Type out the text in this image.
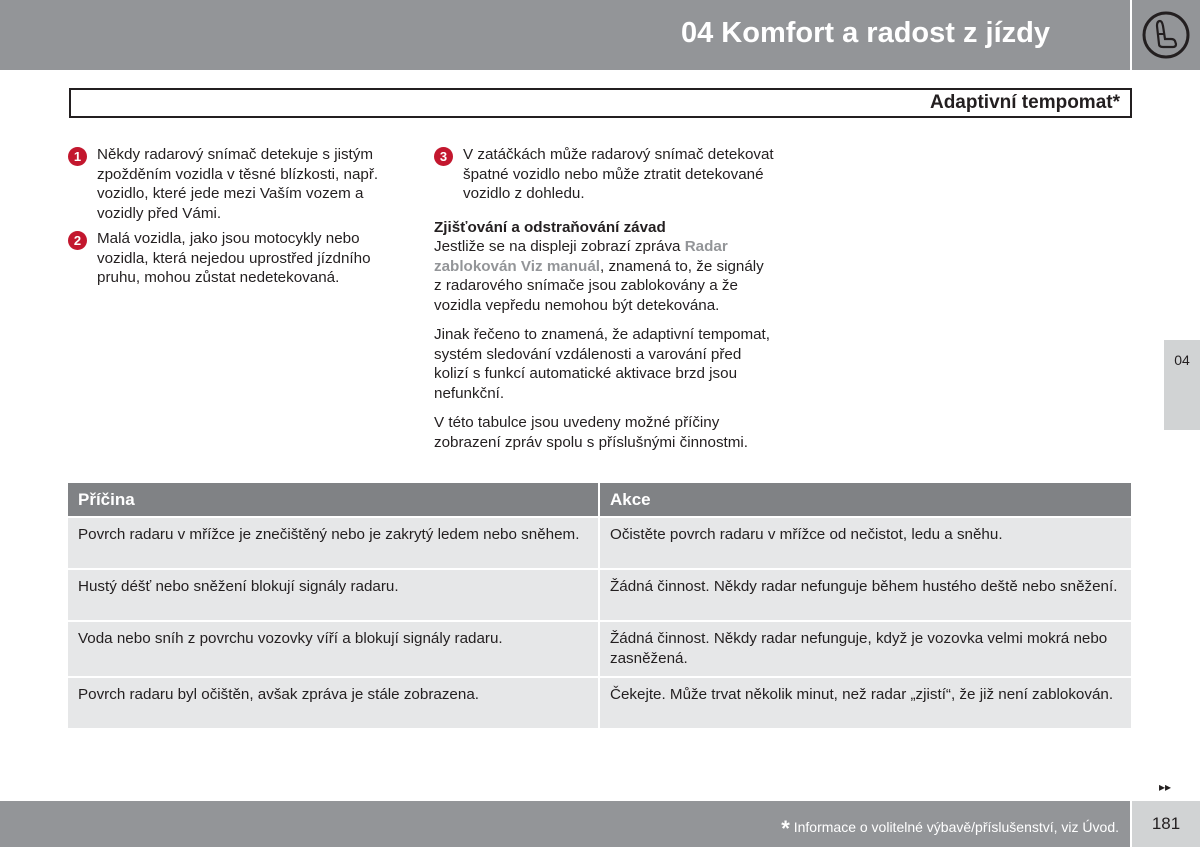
04 Komfort a radost z jízdy
Adaptivní tempomat*
1	Někdy radarový snímač detekuje s jistým zpožděním vozidla v těsné blízkosti, např. vozidlo, které jede mezi Vaším vozem a vozidly před Vámi.

2	Malá vozidla, jako jsou motocykly nebo vozidla, která nejedou uprostřed jízdního pruhu, mohou zůstat nedetekovaná.

3	V zatáčkách může radarový snímač detekovat špatné vozidlo nebo může ztratit detekované vozidlo z dohledu.

Zjišťování a odstraňování závad

Jestliže se na displeji zobrazí zpráva Radar zablokován Viz manuál, znamená to, že signály z radarového snímače jsou zablokovány a že vozidla vepředu nemohou být detekována.

Jinak řečeno to znamená, že adaptivní tempomat, systém sledování vzdálenosti a varování před kolizí s funkcí automatické aktivace brzd jsou nefunkční.

V této tabulce jsou uvedeny možné příčiny zobrazení zpráv spolu s příslušnými činnostmi.

04
Příčina	Akce
Povrch radaru v mřížce je znečištěný nebo je zakrytý ledem nebo sněhem.	Očistěte povrch radaru v mřížce od nečistot, ledu a sněhu.
Hustý déšť nebo sněžení blokují signály radaru.	Žádná činnost. Někdy radar nefunguje během hustého deště nebo sněžení.
Voda nebo sníh z povrchu vozovky víří a blokují signály radaru.	Žádná činnost. Někdy radar nefunguje, když je vozovka velmi mokrá nebo zasněžená.
Povrch radaru byl očištěn, avšak zpráva je stále zobrazena.	Čekejte. Může trvat několik minut, než radar „zjistí“, že již není zablokován.
▸▸
* Informace o volitelné výbavě/příslušenství, viz Úvod.	181
